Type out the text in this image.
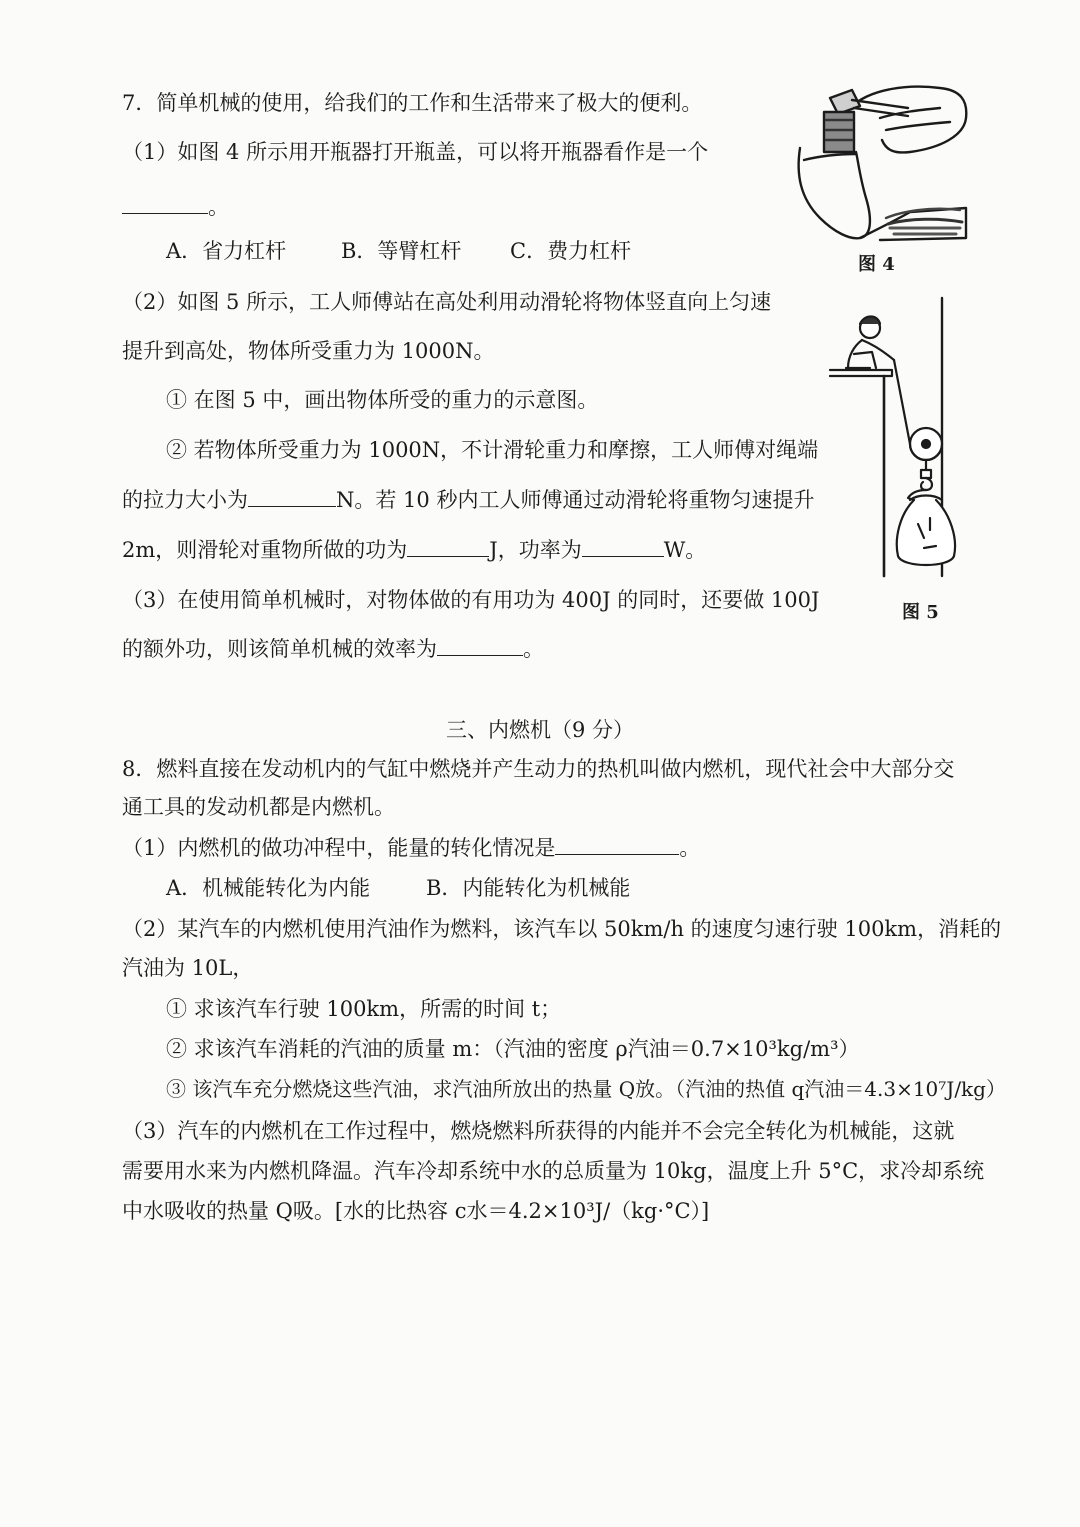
7．简单机械的使用，给我们的工作和生活带来了极大的便利。
（1）如图 4 所示用开瓶器打开瓶盖，可以将开瓶器看作是一个
。
A．省力杠杆	B．等臂杠杆 C．费力杠杆
（2）如图 5 所示，工人师傅站在高处利用动滑轮将物体竖直向上匀速
提升到高处，物体所受重力为 1000N。
① 在图 5 中，画出物体所受的重力的示意图。
② 若物体所受重力为 1000N，不计滑轮重力和摩擦，工人师傅对绳端
的拉力大小为	N。若 10 秒内工人师傅通过动滑轮将重物匀速提升
2m，则滑轮对重物所做的功为	J，功率为	W。
（3）在使用简单机械时，对物体做的有用功为 400J 的同时，还要做 100J
的额外功，则该简单机械的效率为	。
图 4
图 5
三、内燃机（9 分）
8．燃料直接在发动机内的气缸中燃烧并产生动力的热机叫做内燃机，现代社会中大部分交
通工具的发动机都是内燃机。
（1）内燃机的做功冲程中，能量的转化情况是	。
A．机械能转化为内能	B．内能转化为机械能
（2）某汽车的内燃机使用汽油作为燃料，该汽车以 50km/h 的速度匀速行驶 100km，消耗的
汽油为 10L，
① 求该汽车行驶 100km，所需的时间 t；
② 求该汽车消耗的汽油的质量 m：（汽油的密度 ρ汽油＝0.7×10³kg/m³）
③ 该汽车充分燃烧这些汽油，求汽油所放出的热量 Q放。（汽油的热值 q汽油＝4.3×10⁷J/kg）
（3）汽车的内燃机在工作过程中，燃烧燃料所获得的内能并不会完全转化为机械能，这就
需要用水来为内燃机降温。汽车冷却系统中水的总质量为 10kg，温度上升 5°C，求冷却系统
中水吸收的热量 Q吸。[水的比热容 c水＝4.2×10³J/（kg·°C）]
